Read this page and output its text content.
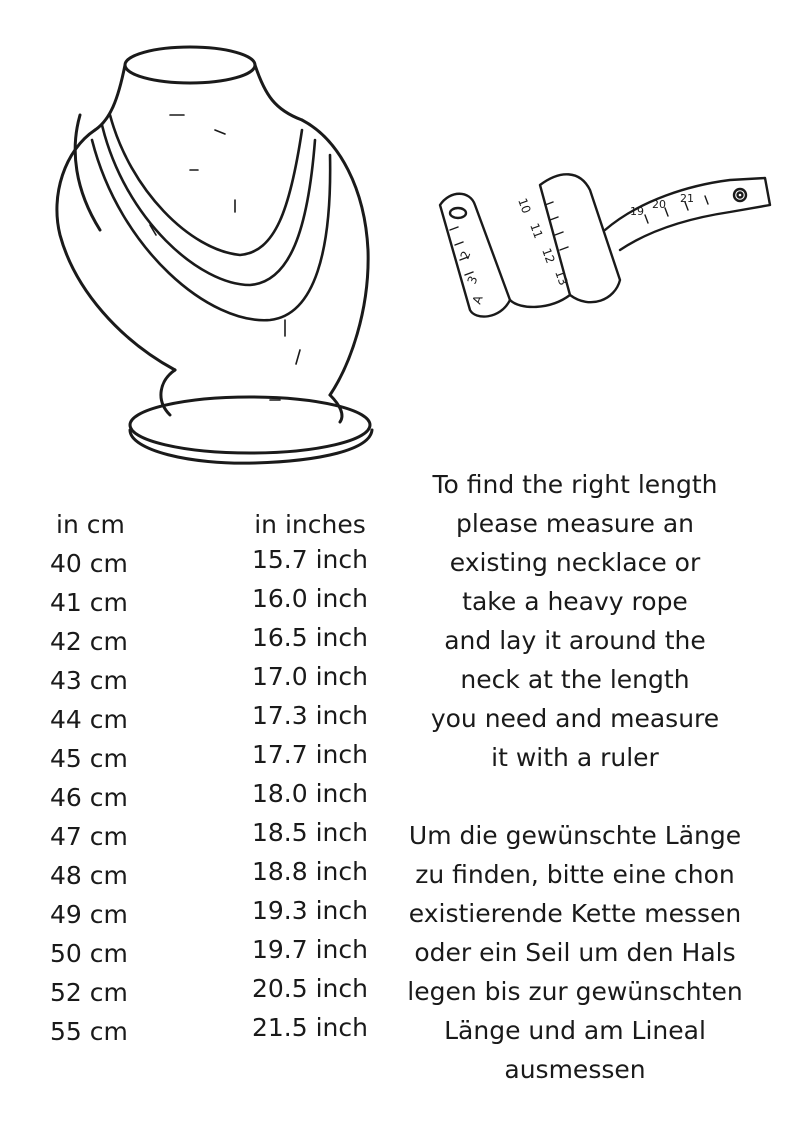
10
11
12
13
19
20 21
2
3
A
in cm
40 cm
41 cm
42 cm
43 cm
44 cm
45 cm
46 cm
47 cm
48 cm
49 cm
50 cm
52 cm
55 cm
in inches
15.7 inch
16.0 inch
16.5 inch
17.0 inch
17.3 inch
17.7 inch
18.0 inch
18.5 inch
18.8 inch
19.3 inch
19.7 inch
20.5 inch
21.5 inch
To find the right length
please measure an
existing necklace or
take a heavy rope
and lay it around the
neck at the length
you need and measure
it with a ruler
Um die gewünschte Länge
zu finden, bitte eine chon
existierende Kette messen
oder ein Seil um den Hals
legen bis zur gewünschten
Länge und am Lineal
ausmessen
